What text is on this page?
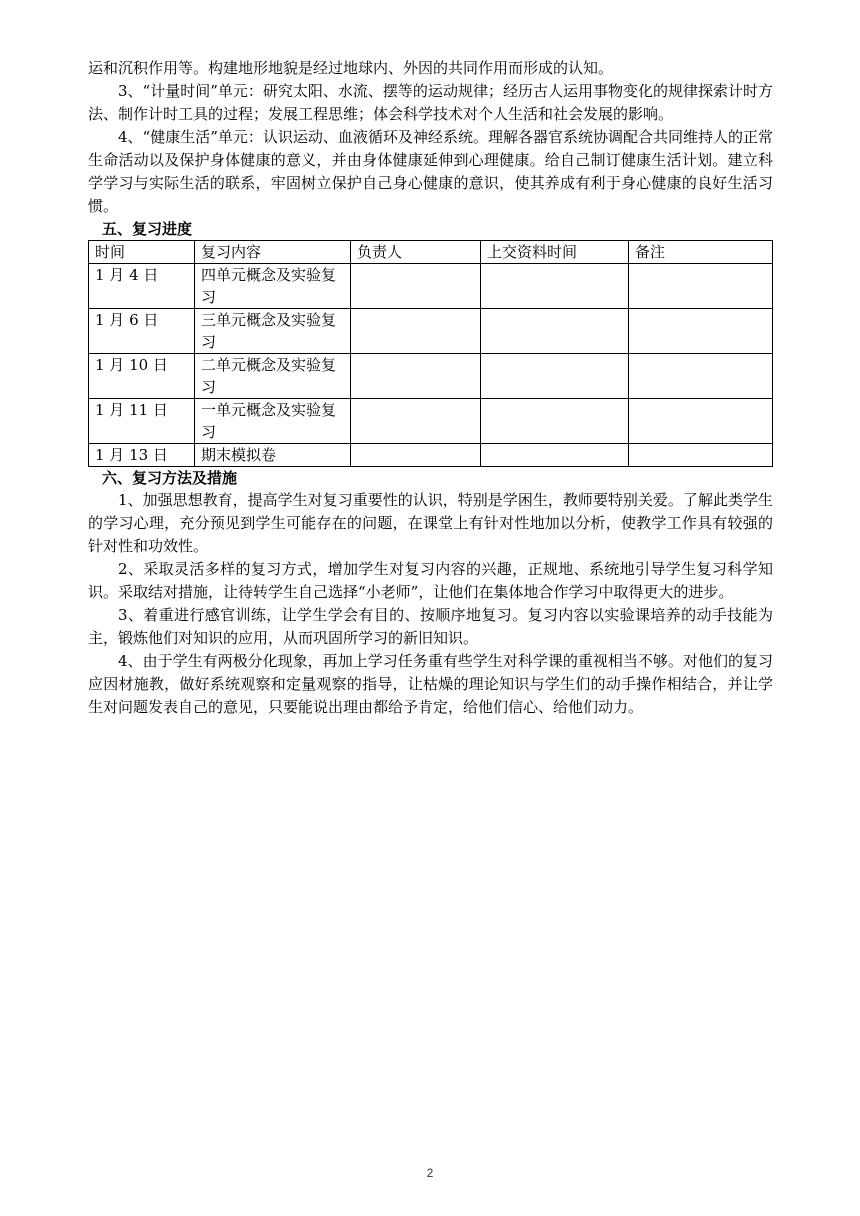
运和沉积作用等。构建地形地貌是经过地球内、外因的共同作用而形成的认知。

3、“计量时间”单元：研究太阳、水流、摆等的运动规律；经历古人运用事物变化的规律探索计时方法、制作计时工具的过程；发展工程思维；体会科学技术对个人生活和社会发展的影响。

4、“健康生活”单元：认识运动、血液循环及神经系统。理解各器官系统协调配合共同维持人的正常生命活动以及保护身体健康的意义，并由身体健康延伸到心理健康。给自己制订健康生活计划。建立科学学习与实际生活的联系，牢固树立保护自己身心健康的意识，使其养成有利于身心健康的良好生活习惯。

五、复习进度
时间	复习内容	负责人	上交资料时间	备注
1 月 4 日	四单元概念及实验复习			
1 月 6 日	三单元概念及实验复习			
1 月 10 日	二单元概念及实验复习			
1 月 11 日	一单元概念及实验复习			
1 月 13 日	期末模拟卷			
六、复习方法及措施

1、加强思想教育，提高学生对复习重要性的认识，特别是学困生，教师要特别关爱。了解此类学生的学习心理，充分预见到学生可能存在的问题，在课堂上有针对性地加以分析，使教学工作具有较强的针对性和功效性。

2、采取灵活多样的复习方式，增加学生对复习内容的兴趣，正规地、系统地引导学生复习科学知识。采取结对措施，让待转学生自己选择“小老师”，让他们在集体地合作学习中取得更大的进步。

3、着重进行感官训练，让学生学会有目的、按顺序地复习。复习内容以实验课培养的动手技能为主，锻炼他们对知识的应用，从而巩固所学习的新旧知识。

4、由于学生有两极分化现象，再加上学习任务重有些学生对科学课的重视相当不够。对他们的复习应因材施教，做好系统观察和定量观察的指导，让枯燥的理论知识与学生们的动手操作相结合，并让学生对问题发表自己的意见，只要能说出理由都给予肯定，给他们信心、给他们动力。

2
